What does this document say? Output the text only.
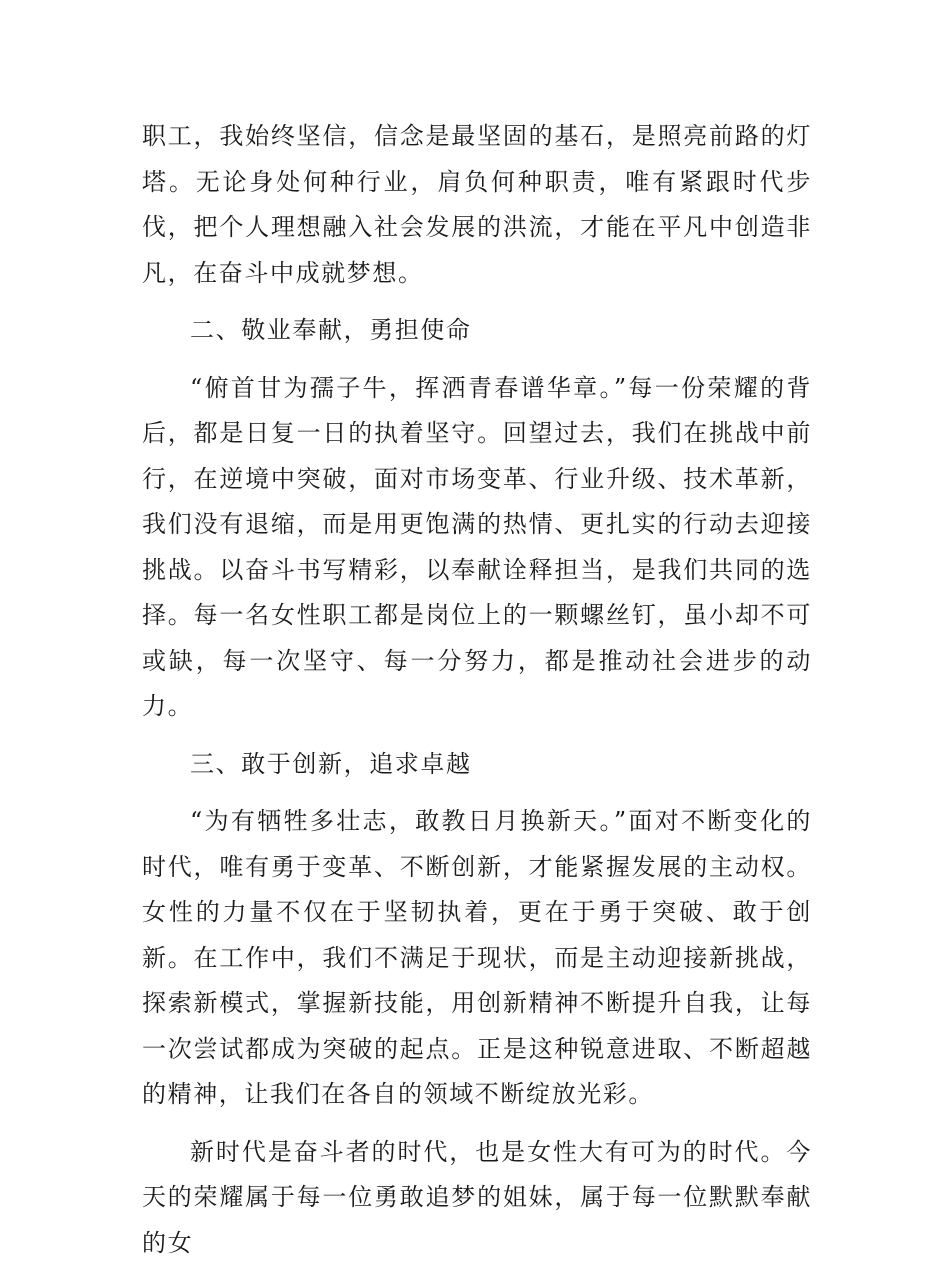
职工，我始终坚信，信念是最坚固的基石，是照亮前路的灯塔。无论身处何种行业，肩负何种职责，唯有紧跟时代步伐，把个人理想融入社会发展的洪流，才能在平凡中创造非凡，在奋斗中成就梦想。

二、敬业奉献，勇担使命

“俯首甘为孺子牛，挥洒青春谱华章。”每一份荣耀的背后，都是日复一日的执着坚守。回望过去，我们在挑战中前行，在逆境中突破，面对市场变革、行业升级、技术革新，我们没有退缩，而是用更饱满的热情、更扎实的行动去迎接挑战。以奋斗书写精彩，以奉献诠释担当，是我们共同的选择。每一名女性职工都是岗位上的一颗螺丝钉，虽小却不可或缺，每一次坚守、每一分努力，都是推动社会进步的动力。

三、敢于创新，追求卓越

“为有牺牲多壮志，敢教日月换新天。”面对不断变化的时代，唯有勇于变革、不断创新，才能紧握发展的主动权。女性的力量不仅在于坚韧执着，更在于勇于突破、敢于创新。在工作中，我们不满足于现状，而是主动迎接新挑战，探索新模式，掌握新技能，用创新精神不断提升自我，让每一次尝试都成为突破的起点。正是这种锐意进取、不断超越的精神，让我们在各自的领域不断绽放光彩。

新时代是奋斗者的时代，也是女性大有可为的时代。今天的荣耀属于每一位勇敢追梦的姐妹，属于每一位默默奉献的女
